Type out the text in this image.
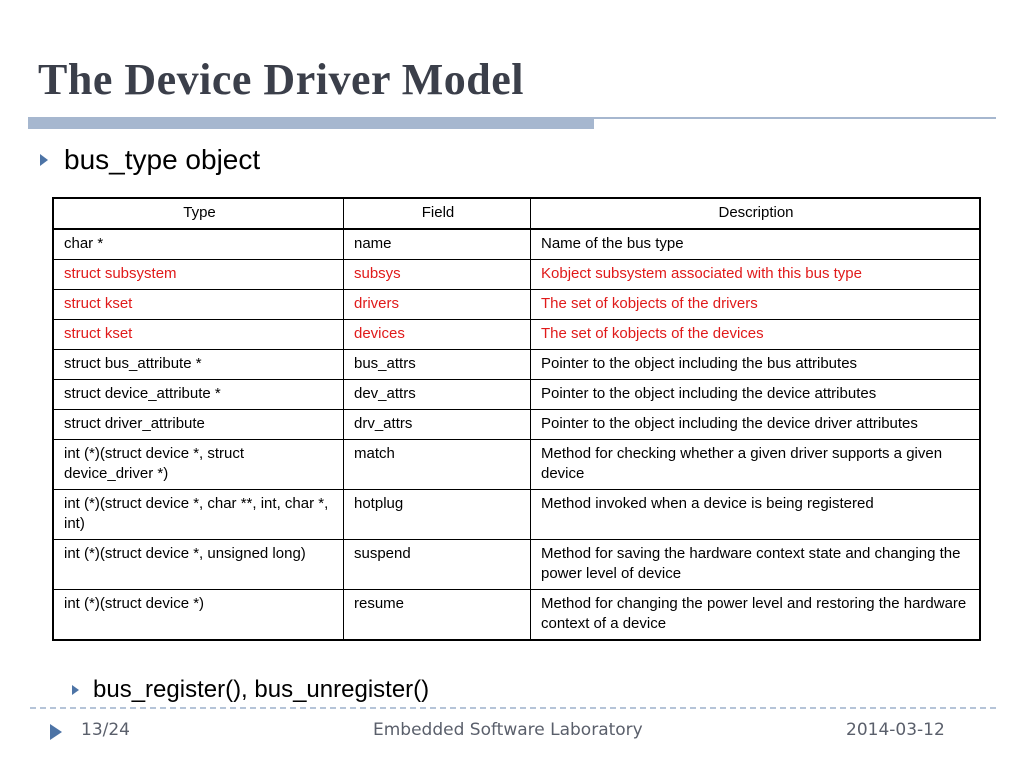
The Device Driver Model
bus_type object
Type	Field	Description
char *	name	Name of the bus type
struct subsystem	subsys	Kobject subsystem associated with this bus type
struct kset	drivers	The set of kobjects of the drivers
struct kset	devices	The set of kobjects of the devices
struct bus_attribute *	bus_attrs	Pointer to the object including the bus attributes
struct device_attribute *	dev_attrs	Pointer to the object including the device attributes
struct driver_attribute	drv_attrs	Pointer to the object including the device driver attributes
int (*)(struct device *, struct device_driver *)	match	Method for checking whether a given driver supports a given device
int (*)(struct device *, char **, int, char *, int)	hotplug	Method invoked when a device is being registered
int (*)(struct device *, unsigned long)	suspend	Method for saving the hardware context state and changing the power level of device
int (*)(struct device *)	resume	Method for changing the power level and restoring the hardware context of a device
bus_register(), bus_unregister()
13/24	Embedded Software Laboratory	2014-03-12
